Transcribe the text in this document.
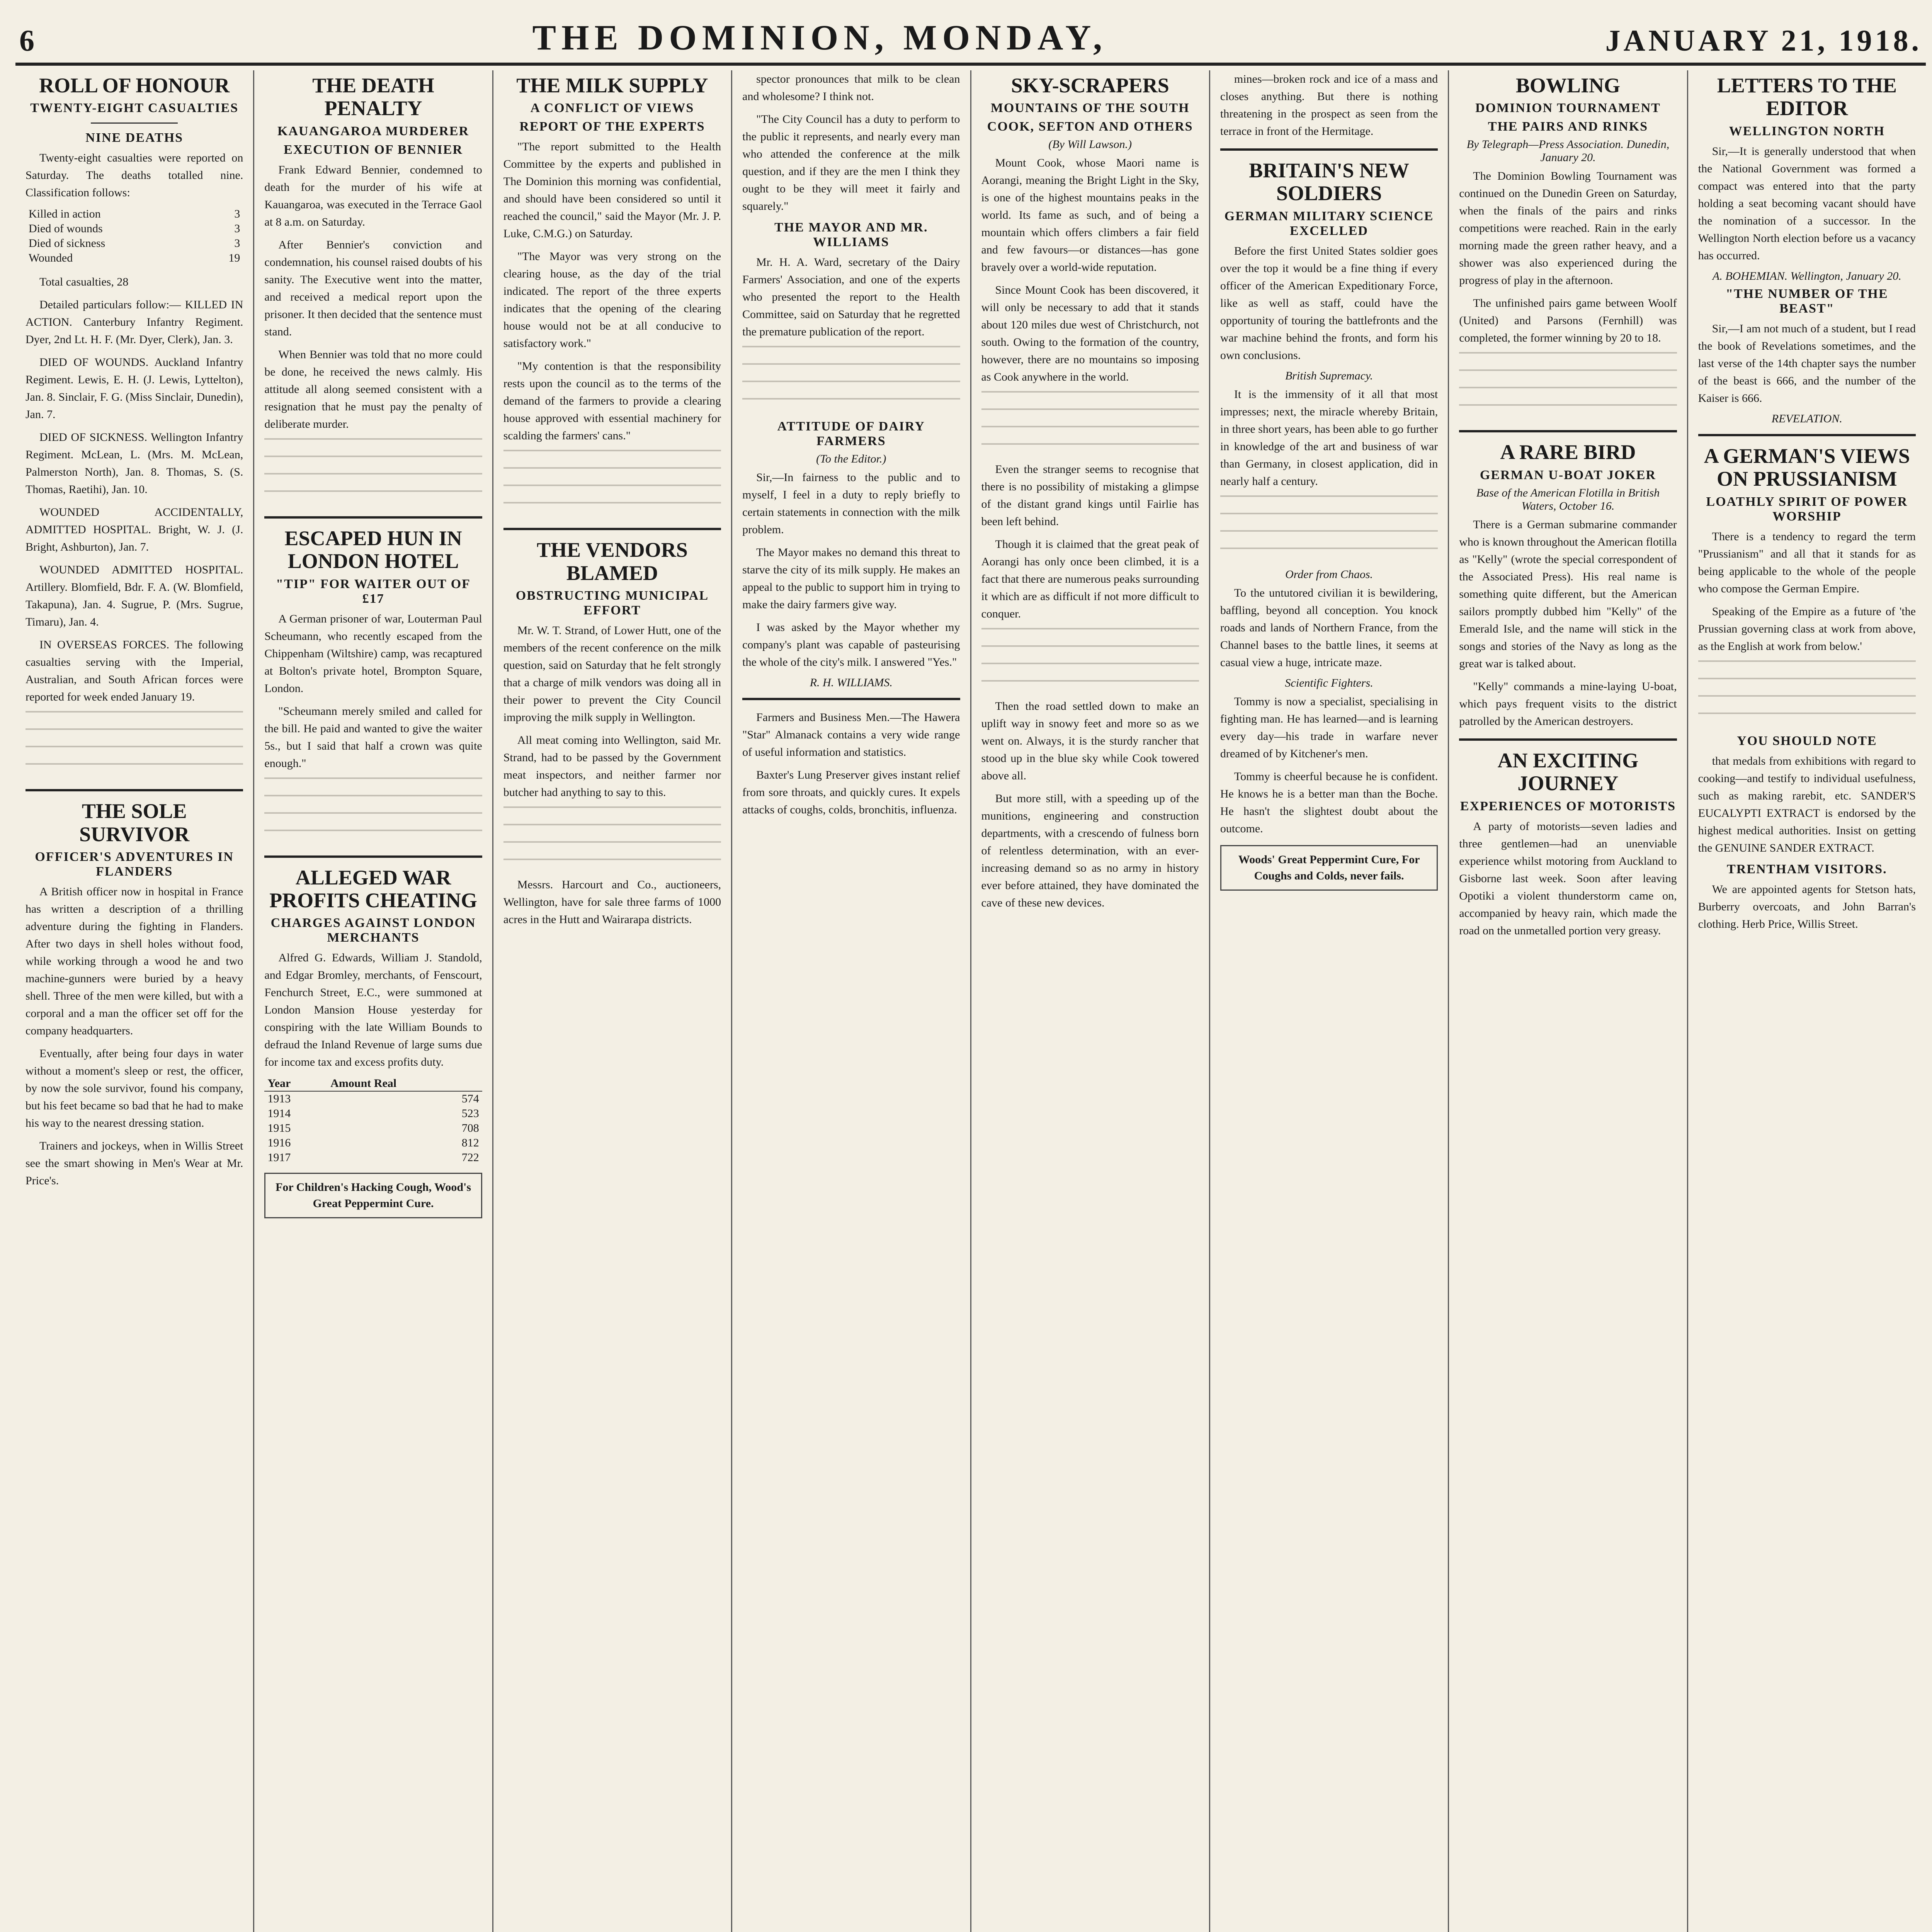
6	THE DOMINION, MONDAY,	JANUARY 21, 1918.
ROLL OF HONOUR
TWENTY-EIGHT CASUALTIES
NINE DEATHS

Twenty-eight casualties were reported on Saturday. The deaths totalled nine. Classification follows:

Killed in action	3
Died of wounds	3
Died of sickness	3
Wounded	19

Total casualties, 28

Detailed particulars follow:— KILLED IN ACTION. Canterbury Infantry Regiment. Dyer, 2nd Lt. H. F. (Mr. Dyer, Clerk), Jan. 3.

DIED OF WOUNDS. Auckland Infantry Regiment. Lewis, E. H. (J. Lewis, Lyttelton), Jan. 8. Sinclair, F. G. (Miss Sinclair, Dunedin), Jan. 7.

DIED OF SICKNESS. Wellington Infantry Regiment. McLean, L. (Mrs. M. McLean, Palmerston North), Jan. 8. Thomas, S. (S. Thomas, Raetihi), Jan. 10.

WOUNDED ACCIDENTALLY, ADMITTED HOSPITAL. Bright, W. J. (J. Bright, Ashburton), Jan. 7.

WOUNDED ADMITTED HOSPITAL. Artillery. Blomfield, Bdr. F. A. (W. Blomfield, Takapuna), Jan. 4. Sugrue, P. (Mrs. Sugrue, Timaru), Jan. 4.

IN OVERSEAS FORCES. The following casualties serving with the Imperial, Australian, and South African forces were reported for week ended January 19.

THE SOLE SURVIVOR
OFFICER'S ADVENTURES IN FLANDERS

A British officer now in hospital in France has written a description of a thrilling adventure during the fighting in Flanders. After two days in shell holes without food, while working through a wood he and two machine-gunners were buried by a heavy shell. Three of the men were killed, but with a corporal and a man the officer set off for the company headquarters.

Eventually, after being four days in water without a moment's sleep or rest, the officer, by now the sole survivor, found his company, but his feet became so bad that he had to make his way to the nearest dressing station.

Trainers and jockeys, when in Willis Street see the smart showing in Men's Wear at Mr. Price's.

THE DEATH PENALTY
KAUANGAROA MURDERER
EXECUTION OF BENNIER

Frank Edward Bennier, condemned to death for the murder of his wife at Kauangaroa, was executed in the Terrace Gaol at 8 a.m. on Saturday.

After Bennier's conviction and condemnation, his counsel raised doubts of his sanity. The Executive went into the matter, and received a medical report upon the prisoner. It then decided that the sentence must stand.

When Bennier was told that no more could be done, he received the news calmly. His attitude all along seemed consistent with a resignation that he must pay the penalty of deliberate murder.

ESCAPED HUN IN LONDON HOTEL
"TIP" FOR WAITER OUT OF £17

A German prisoner of war, Louterman Paul Scheumann, who recently escaped from the Chippenham (Wiltshire) camp, was recaptured at Bolton's private hotel, Brompton Square, London.

"Scheumann merely smiled and called for the bill. He paid and wanted to give the waiter 5s., but I said that half a crown was quite enough."

ALLEGED WAR PROFITS CHEATING
CHARGES AGAINST LONDON MERCHANTS

Alfred G. Edwards, William J. Standold, and Edgar Bromley, merchants, of Fenscourt, Fenchurch Street, E.C., were summoned at London Mansion House yesterday for conspiring with the late William Bounds to defraud the Inland Revenue of large sums due for income tax and excess profits duty.

Year	Amount Real
1913	574
1914	523
1915	708
1916	812
1917	722
For Children's Hacking Cough, Wood's Great Peppermint Cure.
THE MILK SUPPLY
A CONFLICT OF VIEWS
REPORT OF THE EXPERTS

"The report submitted to the Health Committee by the experts and published in The Dominion this morning was confidential, and should have been considered so until it reached the council," said the Mayor (Mr. J. P. Luke, C.M.G.) on Saturday.

"The Mayor was very strong on the clearing house, as the day of the trial indicated. The report of the three experts indicates that the opening of the clearing house would not be at all conducive to satisfactory work."

"My contention is that the responsibility rests upon the council as to the terms of the demand of the farmers to provide a clearing house approved with essential machinery for scalding the farmers' cans."

THE VENDORS BLAMED
OBSTRUCTING MUNICIPAL EFFORT

Mr. W. T. Strand, of Lower Hutt, one of the members of the recent conference on the milk question, said on Saturday that he felt strongly that a charge of milk vendors was doing all in their power to prevent the City Council improving the milk supply in Wellington.

All meat coming into Wellington, said Mr. Strand, had to be passed by the Government meat inspectors, and neither farmer nor butcher had anything to say to this.

Messrs. Harcourt and Co., auctioneers, Wellington, have for sale three farms of 1000 acres in the Hutt and Wairarapa districts.

spector pronounces that milk to be clean and wholesome? I think not.

"The City Council has a duty to perform to the public it represents, and nearly every man who attended the conference at the milk question, and if they are the men I think they ought to be they will meet it fairly and squarely."

THE MAYOR AND MR. WILLIAMS

Mr. H. A. Ward, secretary of the Dairy Farmers' Association, and one of the experts who presented the report to the Health Committee, said on Saturday that he regretted the premature publication of the report.

ATTITUDE OF DAIRY FARMERS
(To the Editor.)

Sir,—In fairness to the public and to myself, I feel in a duty to reply briefly to certain statements in connection with the milk problem.

The Mayor makes no demand this threat to starve the city of its milk supply. He makes an appeal to the public to support him in trying to make the dairy farmers give way.

I was asked by the Mayor whether my company's plant was capable of pasteurising the whole of the city's milk. I answered "Yes."

R. H. WILLIAMS.

Farmers and Business Men.—The Hawera "Star" Almanack contains a very wide range of useful information and statistics.

Baxter's Lung Preserver gives instant relief from sore throats, and quickly cures. It expels attacks of coughs, colds, bronchitis, influenza.

SKY-SCRAPERS
MOUNTAINS OF THE SOUTH
COOK, SEFTON AND OTHERS
(By Will Lawson.)

Mount Cook, whose Maori name is Aorangi, meaning the Bright Light in the Sky, is one of the highest mountains peaks in the world. Its fame as such, and of being a mountain which offers climbers a fair field and few favours—or distances—has gone bravely over a world-wide reputation.

Since Mount Cook has been discovered, it will only be necessary to add that it stands about 120 miles due west of Christchurch, not south. Owing to the formation of the country, however, there are no mountains so imposing as Cook anywhere in the world.

Even the stranger seems to recognise that there is no possibility of mistaking a glimpse of the distant grand kings until Fairlie has been left behind.

Though it is claimed that the great peak of Aorangi has only once been climbed, it is a fact that there are numerous peaks surrounding it which are as difficult if not more difficult to conquer.

Then the road settled down to make an uplift way in snowy feet and more so as we went on. Always, it is the sturdy rancher that stood up in the blue sky while Cook towered above all.

But more still, with a speeding up of the munitions, engineering and construction departments, with a crescendo of fulness born of relentless determination, with an ever-increasing demand so as no army in history ever before attained, they have dominated the cave of these new devices.

mines—broken rock and ice of a mass and closes anything. But there is nothing threatening in the prospect as seen from the terrace in front of the Hermitage.

BRITAIN'S NEW SOLDIERS
GERMAN MILITARY SCIENCE EXCELLED

Before the first United States soldier goes over the top it would be a fine thing if every officer of the American Expeditionary Force, like as well as staff, could have the opportunity of touring the battlefronts and the war machine behind the fronts, and form his own conclusions.

British Supremacy.

It is the immensity of it all that most impresses; next, the miracle whereby Britain, in three short years, has been able to go further in knowledge of the art and business of war than Germany, in closest application, did in nearly half a century.

Order from Chaos.

To the untutored civilian it is bewildering, baffling, beyond all conception. You knock roads and lands of Northern France, from the Channel bases to the battle lines, it seems at casual view a huge, intricate maze.

Scientific Fighters.

Tommy is now a specialist, specialising in fighting man. He has learned—and is learning every day—his trade in warfare never dreamed of by Kitchener's men.

Tommy is cheerful because he is confident. He knows he is a better man than the Boche. He hasn't the slightest doubt about the outcome.

Woods' Great Peppermint Cure, For Coughs and Colds, never fails.
BOWLING
DOMINION TOURNAMENT
THE PAIRS AND RINKS
By Telegraph—Press Association. Dunedin, January 20.

The Dominion Bowling Tournament was continued on the Dunedin Green on Saturday, when the finals of the pairs and rinks competitions were reached. Rain in the early morning made the green rather heavy, and a shower was also experienced during the progress of play in the afternoon.

The unfinished pairs game between Woolf (United) and Parsons (Fernhill) was completed, the former winning by 20 to 18.

A RARE BIRD
GERMAN U-BOAT JOKER
Base of the American Flotilla in British Waters, October 16.

There is a German submarine commander who is known throughout the American flotilla as "Kelly" (wrote the special correspondent of the Associated Press). His real name is something quite different, but the American sailors promptly dubbed him "Kelly" of the Emerald Isle, and the name will stick in the songs and stories of the Navy as long as the great war is talked about.

"Kelly" commands a mine-laying U-boat, which pays frequent visits to the district patrolled by the American destroyers.

AN EXCITING JOURNEY
EXPERIENCES OF MOTORISTS

A party of motorists—seven ladies and three gentlemen—had an unenviable experience whilst motoring from Auckland to Gisborne last week. Soon after leaving Opotiki a violent thunderstorm came on, accompanied by heavy rain, which made the road on the unmetalled portion very greasy.

LETTERS TO THE EDITOR
WELLINGTON NORTH

Sir,—It is generally understood that when the National Government was formed a compact was entered into that the party holding a seat becoming vacant should have the nomination of a successor. In the Wellington North election before us a vacancy has occurred.

A. BOHEMIAN. Wellington, January 20.
"THE NUMBER OF THE BEAST"

Sir,—I am not much of a student, but I read the book of Revelations sometimes, and the last verse of the 14th chapter says the number of the beast is 666, and the number of the Kaiser is 666.

REVELATION.
A GERMAN'S VIEWS ON PRUSSIANISM
LOATHLY SPIRIT OF POWER WORSHIP

There is a tendency to regard the term "Prussianism" and all that it stands for as being applicable to the whole of the people who compose the German Empire.

Speaking of the Empire as a future of 'the Prussian governing class at work from above, as the English at work from below.'

YOU SHOULD NOTE

that medals from exhibitions with regard to cooking—and testify to individual usefulness, such as making rarebit, etc. SANDER'S EUCALYPTI EXTRACT is endorsed by the highest medical authorities. Insist on getting the GENUINE SANDER EXTRACT.

TRENTHAM VISITORS.

We are appointed agents for Stetson hats, Burberry overcoats, and John Barran's clothing. Herb Price, Willis Street.
